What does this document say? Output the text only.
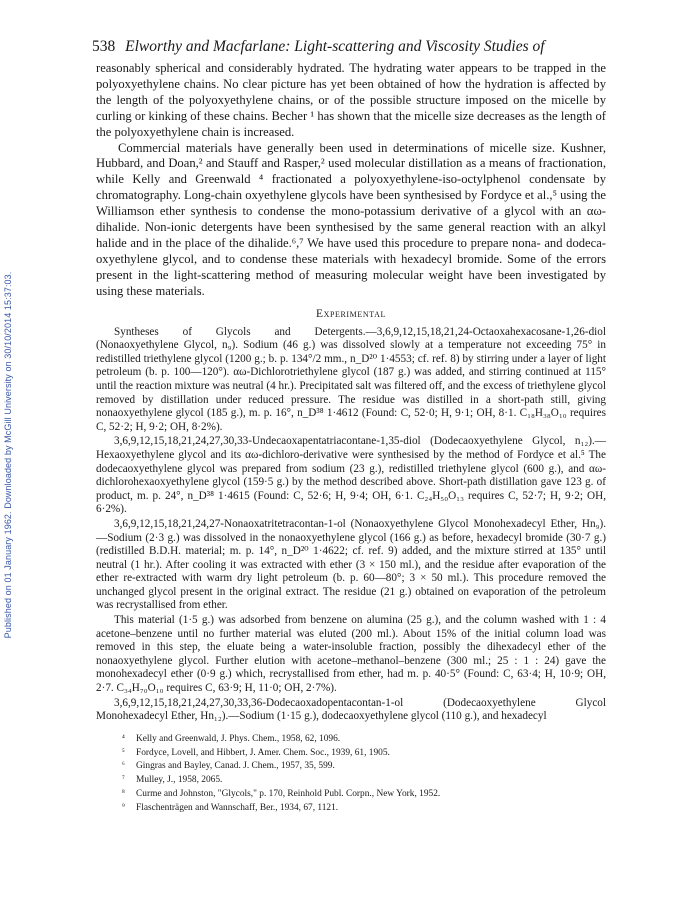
Published on 01 January 1962. Downloaded by McGill University on 30/10/2014 15:37:03.
538 Elworthy and Macfarlane: Light-scattering and Viscosity Studies of

reasonably spherical and considerably hydrated. The hydrating water appears to be trapped in the polyoxyethylene chains. No clear picture has yet been obtained of how the hydration is affected by the length of the polyoxyethylene chains, or of the possible structure imposed on the micelle by curling or kinking of these chains. Becher ¹ has shown that the micelle size decreases as the length of the polyoxyethylene chain is increased.

Commercial materials have generally been used in determinations of micelle size. Kushner, Hubbard, and Doan,² and Stauff and Rasper,² used molecular distillation as a means of fractionation, while Kelly and Greenwald ⁴ fractionated a polyoxyethylene-iso-octylphenol condensate by chromatography. Long-chain oxyethylene glycols have been synthesised by Fordyce et al.,⁵ using the Williamson ether synthesis to condense the mono-potassium derivative of a glycol with an αω-dihalide. Non-ionic detergents have been synthesised by the same general reaction with an alkyl halide and in the place of the dihalide.⁶,⁷ We have used this procedure to prepare nona- and dodeca-oxyethylene glycol, and to condense these materials with hexadecyl bromide. Some of the errors present in the light-scattering method of measuring molecular weight have been investigated by using these materials.

Experimental

Syntheses of Glycols and Detergents.—3,6,9,12,15,18,21,24-Octaoxahexacosane-1,26-diol (Nonaoxyethylene Glycol, n₉). Sodium (46 g.) was dissolved slowly at a temperature not exceeding 75° in redistilled triethylene glycol (1200 g.; b. p. 134°/2 mm., n_D²⁰ 1·4553; cf. ref. 8) by stirring under a layer of light petroleum (b. p. 100—120°). αω-Dichlorotriethylene glycol (187 g.) was added, and stirring continued at 115° until the reaction mixture was neutral (4 hr.). Precipitated salt was filtered off, and the excess of triethylene glycol removed by distillation under reduced pressure. The residue was distilled in a short-path still, giving nonaoxyethylene glycol (185 g.), m. p. 16°, n_D³⁸ 1·4612 (Found: C, 52·0; H, 9·1; OH, 8·1. C₁₈H₃₈O₁₀ requires C, 52·2; H, 9·2; OH, 8·2%).

3,6,9,12,15,18,21,24,27,30,33-Undecaoxapentatriacontane-1,35-diol (Dodecaoxyethylene Glycol, n₁₂).—Hexaoxyethylene glycol and its αω-dichloro-derivative were synthesised by the method of Fordyce et al.⁵ The dodecaoxyethylene glycol was prepared from sodium (23 g.), redistilled triethylene glycol (600 g.), and αω-dichlorohexaoxyethylene glycol (159·5 g.) by the method described above. Short-path distillation gave 123 g. of product, m. p. 24°, n_D³⁸ 1·4615 (Found: C, 52·6; H, 9·4; OH, 6·1. C₂₄H₅₀O₁₃ requires C, 52·7; H, 9·2; OH, 6·2%).

3,6,9,12,15,18,21,24,27-Nonaoxatritetracontan-1-ol (Nonaoxyethylene Glycol Monohexadecyl Ether, Hn₉).—Sodium (2·3 g.) was dissolved in the nonaoxyethylene glycol (166 g.) as before, hexadecyl bromide (30·7 g.) (redistilled B.D.H. material; m. p. 14°, n_D²⁰ 1·4622; cf. ref. 9) added, and the mixture stirred at 135° until neutral (1 hr.). After cooling it was extracted with ether (3 × 150 ml.), and the residue after evaporation of the ether re-extracted with warm dry light petroleum (b. p. 60—80°; 3 × 50 ml.). This procedure removed the unchanged glycol present in the original extract. The residue (21 g.) obtained on evaporation of the petroleum was recrystallised from ether.

This material (1·5 g.) was adsorbed from benzene on alumina (25 g.), and the column washed with 1 : 4 acetone–benzene until no further material was eluted (200 ml.). About 15% of the initial column load was removed in this step, the eluate being a water-insoluble fraction, possibly the dihexadecyl ether of the nonaoxyethylene glycol. Further elution with acetone–methanol–benzene (300 ml.; 25 : 1 : 24) gave the monohexadecyl ether (0·9 g.) which, recrystallised from ether, had m. p. 40·5° (Found: C, 63·4; H, 10·9; OH, 2·7. C₃₄H₇₀O₁₀ requires C, 63·9; H, 11·0; OH, 2·7%).

3,6,9,12,15,18,21,24,27,30,33,36-Dodecaoxadopentacontan-1-ol (Dodecaoxyethylene Glycol Monohexadecyl Ether, Hn₁₂).—Sodium (1·15 g.), dodecaoxyethylene glycol (110 g.), and hexadecyl

⁴ Kelly and Greenwald, J. Phys. Chem., 1958, 62, 1096.
⁵ Fordyce, Lovell, and Hibbert, J. Amer. Chem. Soc., 1939, 61, 1905.
⁶ Gingras and Bayley, Canad. J. Chem., 1957, 35, 599.
⁷ Mulley, J., 1958, 2065.
⁸ Curme and Johnston, "Glycols," p. 170, Reinhold Publ. Corpn., New York, 1952.
⁹ Flaschenträgen and Wannschaff, Ber., 1934, 67, 1121.
